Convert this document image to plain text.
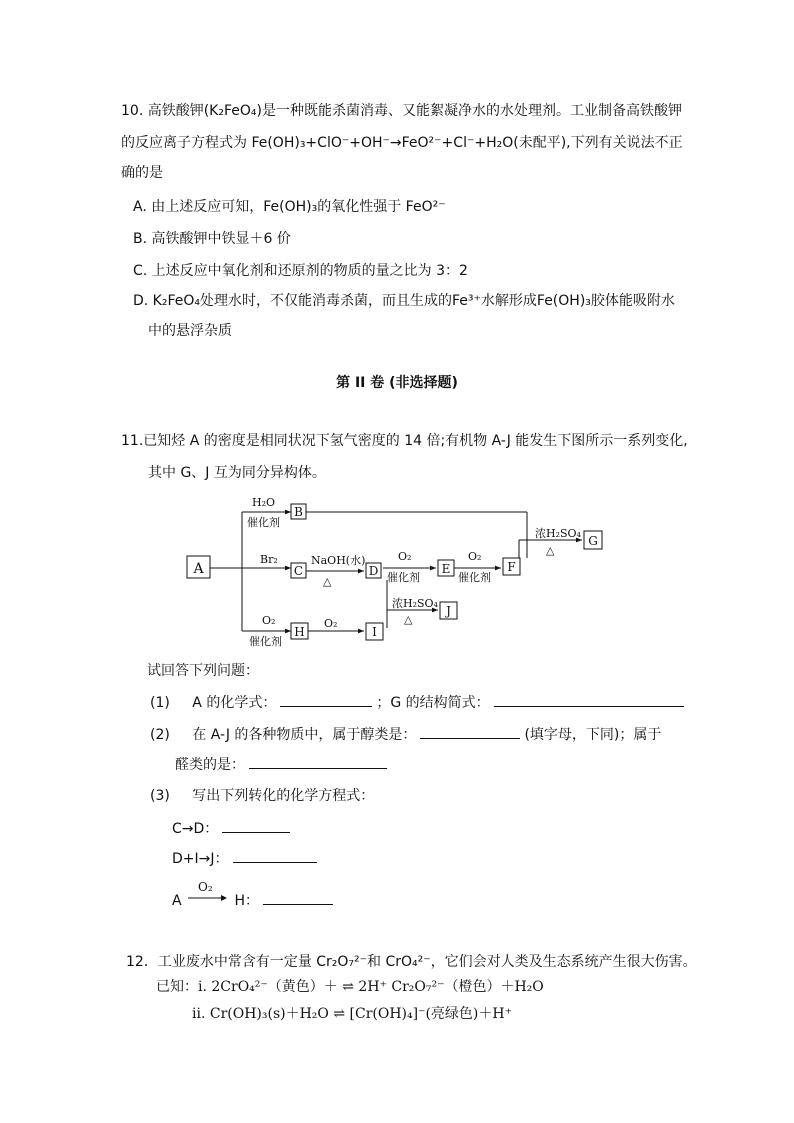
10. 高铁酸钾(K₂FeO₄)是一种既能杀菌消毒、又能絮凝净水的水处理剂。工业制备高铁酸钾
的反应离子方程式为 Fe(OH)₃+ClO⁻+OH⁻→FeO²⁻+Cl⁻+H₂O(未配平),下列有关说法不正
确的是
A. 由上述反应可知，Fe(OH)₃的氧化性强于 FeO²⁻
B. 高铁酸钾中铁显＋6 价
C. 上述反应中氧化剂和还原剂的物质的量之比为 3：2
D. K₂FeO₄处理水时，不仅能消毒杀菌，而且生成的Fe³⁺水解形成Fe(OH)₃胶体能吸附水
中的悬浮杂质
第 II 卷 (非选择题)
11.已知烃 A 的密度是相同状况下氢气密度的 14 倍;有机物 A-J 能发生下图所示一系列变化,
其中 G、J 互为同分异构体。
A
B
C	D	E	F
G
H	I
J
H₂O
催化剂
Br₂	NaOH(水)
△
O₂
催化剂
O₂
催化剂
浓H₂SO₄
△
浓H₂SO₄
△
O₂
催化剂
O₂
试回答下列问题：
(1) A 的化学式：	；G 的结构简式：
(2) 在 A-J 的各种物质中，属于醇类是：	(填字母，下同)；属于
醛类的是：
(3) 写出下列转化的化学方程式：
C→D：
D+I→J：
A
O₂
H：
12．工业废水中常含有一定量 Cr₂O₇²⁻和 CrO₄²⁻，它们会对人类及生态系统产生很大伤害。
已知：i. 2CrO₄²⁻（黄色）＋ ⇌ 2H⁺ Cr₂O₇²⁻（橙色）＋H₂O
ii. Cr(OH)₃(s)＋H₂O ⇌ [Cr(OH)₄]⁻(亮绿色)＋H⁺
